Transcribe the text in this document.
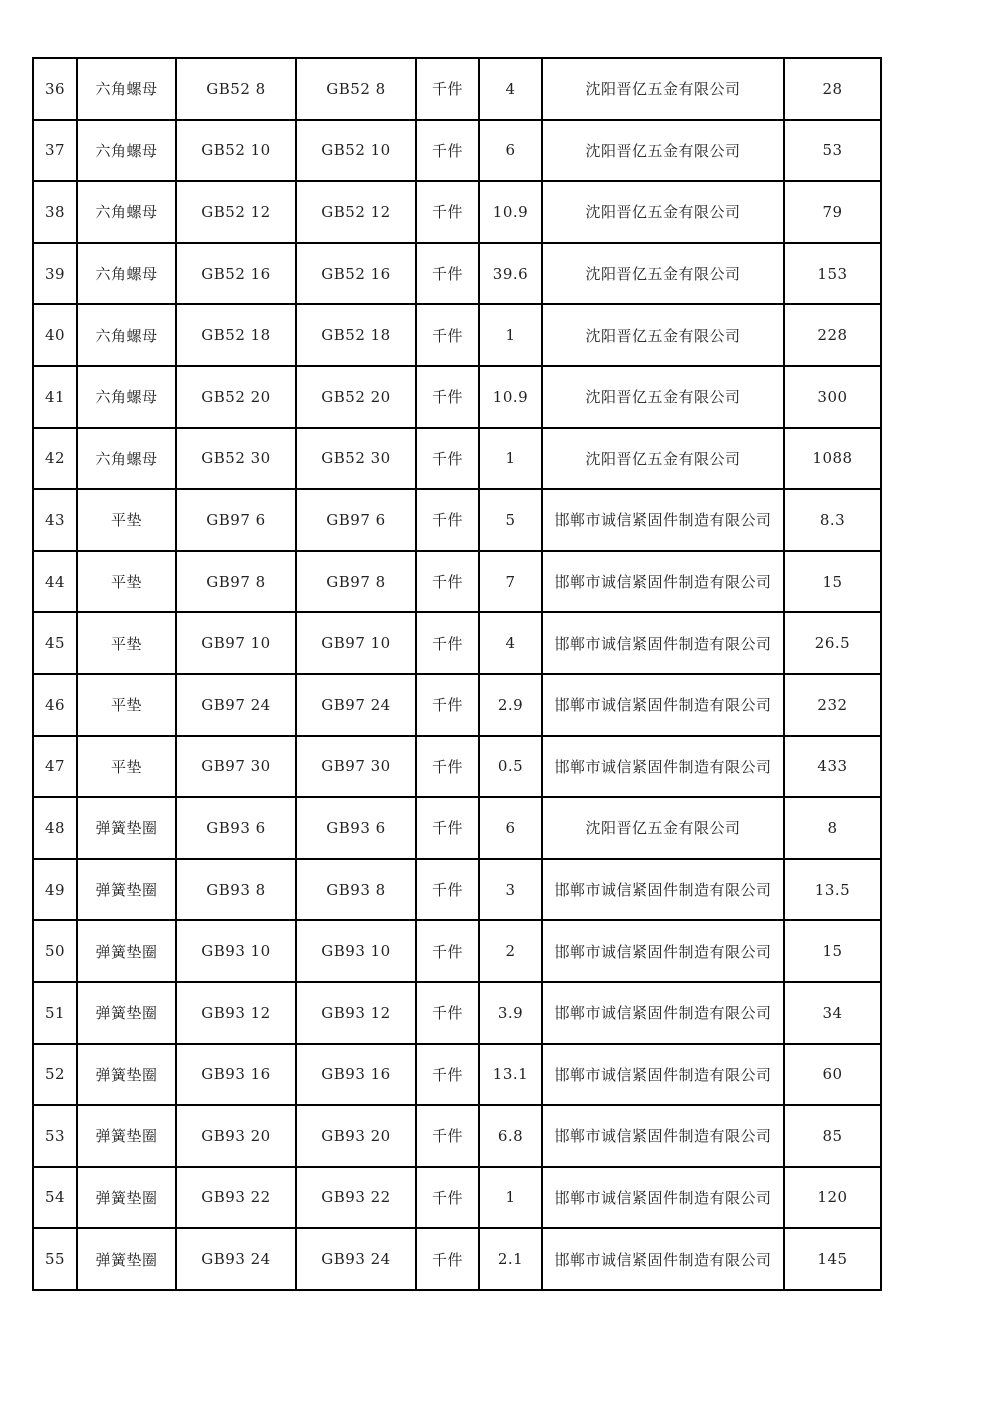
36	六角螺母	GB52 8	GB52 8	千件	4	沈阳晋亿五金有限公司	28
37	六角螺母	GB52 10	GB52 10	千件	6	沈阳晋亿五金有限公司	53
38	六角螺母	GB52 12	GB52 12	千件	10.9	沈阳晋亿五金有限公司	79
39	六角螺母	GB52 16	GB52 16	千件	39.6	沈阳晋亿五金有限公司	153
40	六角螺母	GB52 18	GB52 18	千件	1	沈阳晋亿五金有限公司	228
41	六角螺母	GB52 20	GB52 20	千件	10.9	沈阳晋亿五金有限公司	300
42	六角螺母	GB52 30	GB52 30	千件	1	沈阳晋亿五金有限公司	1088
43	平垫	GB97 6	GB97 6	千件	5	邯郸市诚信紧固件制造有限公司	8.3
44	平垫	GB97 8	GB97 8	千件	7	邯郸市诚信紧固件制造有限公司	15
45	平垫	GB97 10	GB97 10	千件	4	邯郸市诚信紧固件制造有限公司	26.5
46	平垫	GB97 24	GB97 24	千件	2.9	邯郸市诚信紧固件制造有限公司	232
47	平垫	GB97 30	GB97 30	千件	0.5	邯郸市诚信紧固件制造有限公司	433
48	弹簧垫圈	GB93 6	GB93 6	千件	6	沈阳晋亿五金有限公司	8
49	弹簧垫圈	GB93 8	GB93 8	千件	3	邯郸市诚信紧固件制造有限公司	13.5
50	弹簧垫圈	GB93 10	GB93 10	千件	2	邯郸市诚信紧固件制造有限公司	15
51	弹簧垫圈	GB93 12	GB93 12	千件	3.9	邯郸市诚信紧固件制造有限公司	34
52	弹簧垫圈	GB93 16	GB93 16	千件	13.1	邯郸市诚信紧固件制造有限公司	60
53	弹簧垫圈	GB93 20	GB93 20	千件	6.8	邯郸市诚信紧固件制造有限公司	85
54	弹簧垫圈	GB93 22	GB93 22	千件	1	邯郸市诚信紧固件制造有限公司	120
55	弹簧垫圈	GB93 24	GB93 24	千件	2.1	邯郸市诚信紧固件制造有限公司	145
